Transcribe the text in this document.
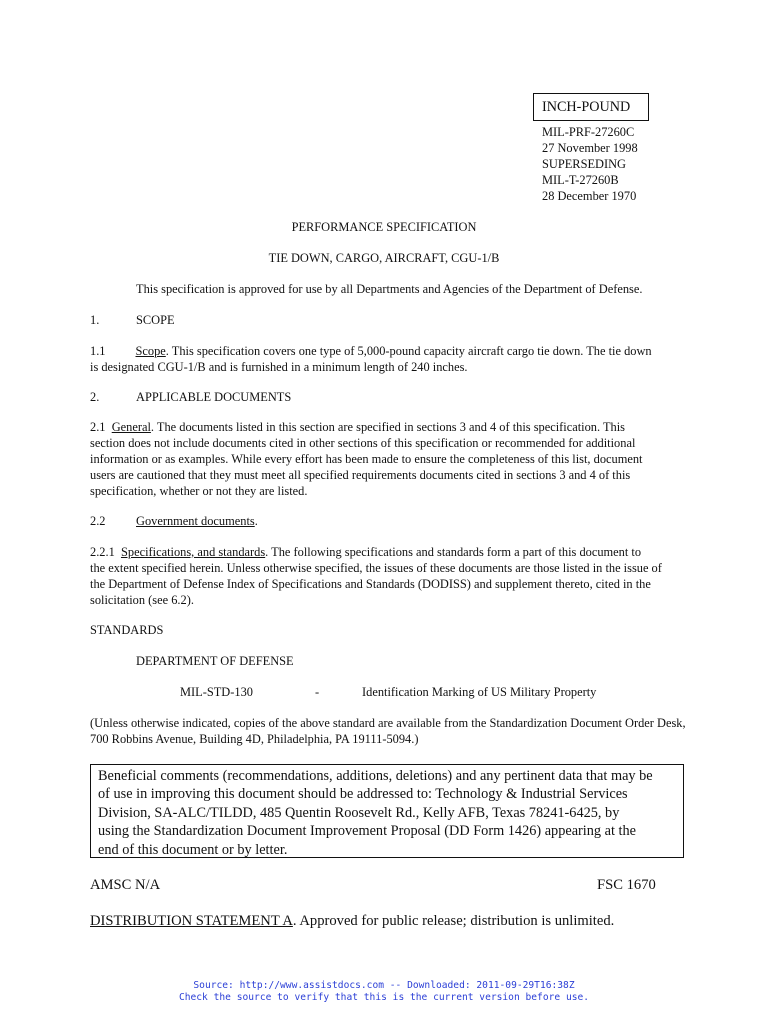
INCH-POUND
MIL-PRF-27260C
27 November 1998
SUPERSEDING
MIL-T-27260B
28 December 1970
PERFORMANCE SPECIFICATION
TIE DOWN, CARGO, AIRCRAFT, CGU-1/B
This specification is approved for use by all Departments and Agencies of the Department of Defense.
1.	SCOPE
1.1 Scope. This specification covers one type of 5,000-pound capacity aircraft cargo tie down. The tie down
is designated CGU-1/B and is furnished in a minimum length of 240 inches.
2.	APPLICABLE DOCUMENTS
2.1 General. The documents listed in this section are specified in sections 3 and 4 of this specification. This
section does not include documents cited in other sections of this specification or recommended for additional
information or as examples. While every effort has been made to ensure the completeness of this list, document
users are cautioned that they must meet all specified requirements documents cited in sections 3 and 4 of this
specification, whether or not they are listed.
2.2 Government documents.
2.2.1 Specifications, and standards. The following specifications and standards form a part of this document to
the extent specified herein. Unless otherwise specified, the issues of these documents are those listed in the issue of
the Department of Defense Index of Specifications and Standards (DODISS) and supplement thereto, cited in the
solicitation (see 6.2).
STANDARDS
DEPARTMENT OF DEFENSE
MIL-STD-130	-	Identification Marking of US Military Property
(Unless otherwise indicated, copies of the above standard are available from the Standardization Document Order Desk,
700 Robbins Avenue, Building 4D, Philadelphia, PA 19111-5094.)
Beneficial comments (recommendations, additions, deletions) and any pertinent data that may be
of use in improving this document should be addressed to: Technology & Industrial Services
Division, SA-ALC/TILDD, 485 Quentin Roosevelt Rd., Kelly AFB, Texas 78241-6425, by
using the Standardization Document Improvement Proposal (DD Form 1426) appearing at the
end of this document or by letter.
AMSC N/A	FSC 1670
DISTRIBUTION STATEMENT A. Approved for public release; distribution is unlimited.
Source: http://www.assistdocs.com -- Downloaded: 2011-09-29T16:38Z
Check the source to verify that this is the current version before use.
